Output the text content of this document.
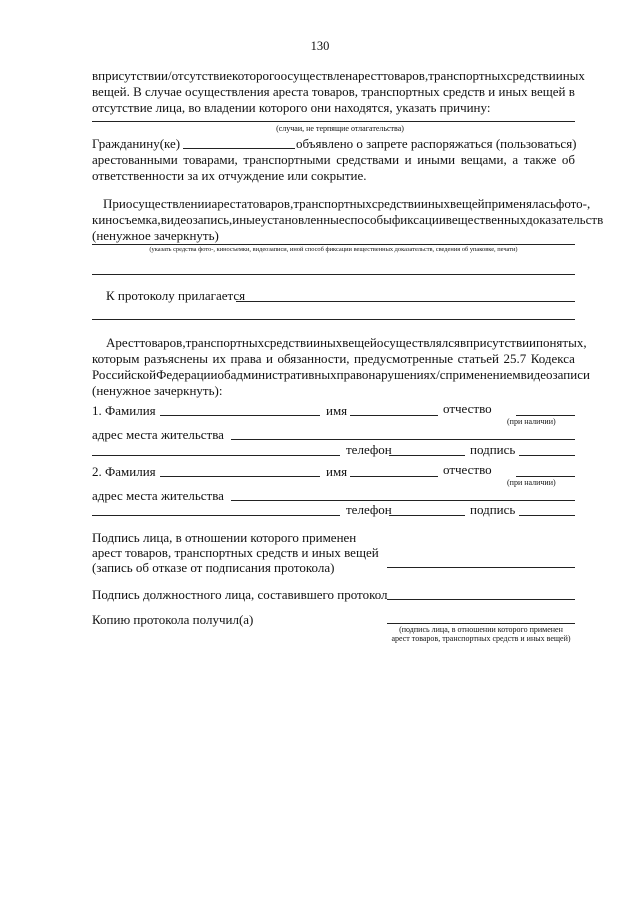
130
в присутствии/отсутствие которого осуществлен арест товаров, транспортных средств и иных
вещей. В случае осуществления ареста товаров, транспортных средств и иных вещей в
отсутствие лица, во владении которого они находятся, указать причину:
(случаи, не терпящие отлагательства)
Гражданину(ке)	объявлено о запрете распоряжаться (пользоваться)
арестованными товарами, транспортными средствами и иными вещами, а также об
ответственности за их отчуждение или сокрытие.
При осуществлении ареста товаров, транспортных средств и иных вещей применялась фото-,
киносъемка, видеозапись, иные установленные способы фиксации вещественных доказательств
(ненужное зачеркнуть)
(указать средства фото-, киносъемки, видеозаписи, иной способ фиксации вещественных доказательств, сведения об упаковке, печати)
К протоколу прилагается
Арест товаров, транспортных средств и иных вещей осуществлялся в присутствии понятых,
которым разъяснены их права и обязанности, предусмотренные статьей 25.7 Кодекса
Российской Федерации об административных правонарушениях/с применением видеозаписи
(ненужное зачеркнуть):
1. Фамилия	имя	отчество
(при наличии)
адрес места жительства
телефон	подпись
2. Фамилия	имя	отчество
(при наличии)
адрес места жительства
телефон	подпись
Подпись лица, в отношении которого применен
арест товаров, транспортных средств и иных вещей
(запись об отказе от подписания протокола)
Подпись должностного лица, составившего протокол
Копию протокола получил(а)
(подпись лица, в отношении которого применен
арест товаров, транспортных средств и иных вещей)
